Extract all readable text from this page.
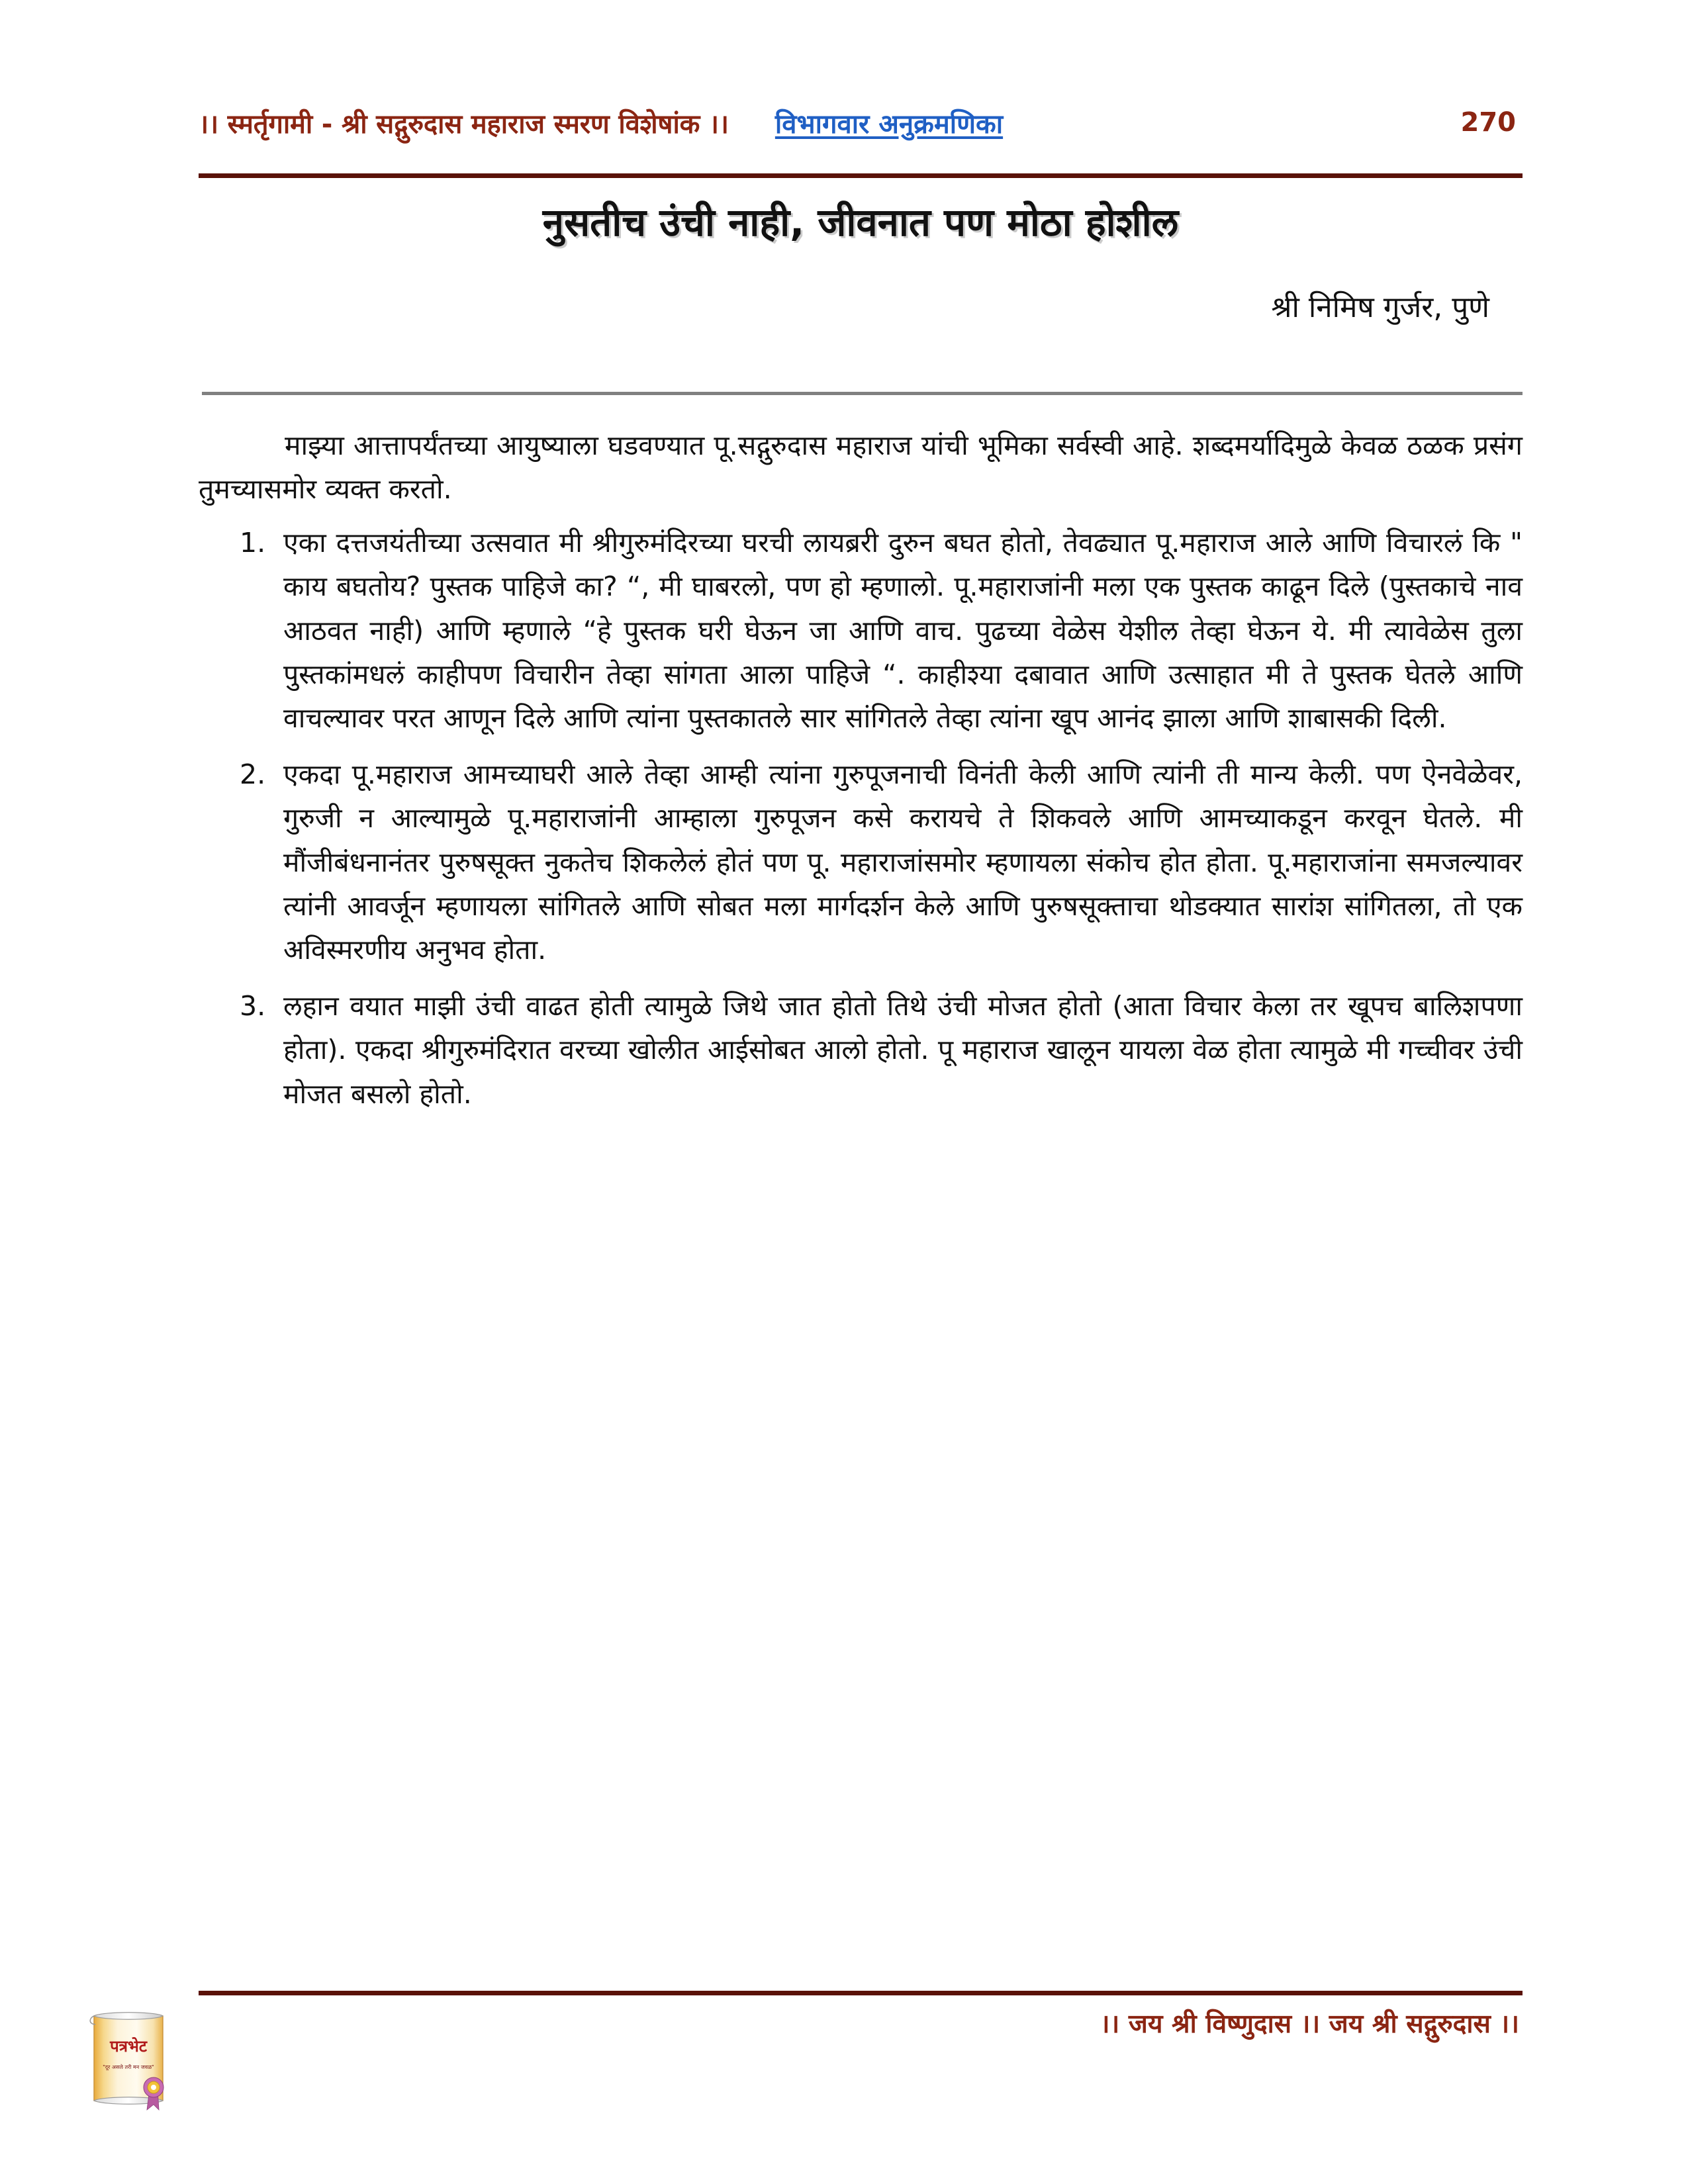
।। स्मर्तृगामी - श्री सद्गुरुदास महाराज स्मरण विशेषांक ।। विभागवार अनुक्रमणिका	270
नुसतीच उंची नाही, जीवनात पण मोठा होशील
श्री निमिष गुर्जर, पुणे

माझ्या आत्तापर्यंतच्या आयुष्याला घडवण्यात पू.सद्गुरुदास महाराज यांची भूमिका सर्वस्वी आहे. शब्दमर्यादिमुळे केवळ ठळक प्रसंग तुमच्यासमोर व्यक्त करतो.

1. एका दत्तजयंतीच्या उत्सवात मी श्रीगुरुमंदिरच्या घरची लायब्ररी दुरुन बघत होतो, तेवढ्यात पू.महाराज आले आणि विचारलं कि " काय बघतोय? पुस्तक पाहिजे का? “, मी घाबरलो, पण हो म्हणालो. पू.महाराजांनी मला एक पुस्तक काढून दिले (पुस्तकाचे नाव आठवत नाही) आणि म्हणाले “हे पुस्तक घरी घेऊन जा आणि वाच. पुढच्या वेळेस येशील तेव्हा घेऊन ये. मी त्यावेळेस तुला पुस्तकांमधलं काहीपण विचारीन तेव्हा सांगता आला पाहिजे “. काहीश्या दबावात आणि उत्साहात मी ते पुस्तक घेतले आणि वाचल्यावर परत आणून दिले आणि त्यांना पुस्तकातले सार सांगितले तेव्हा त्यांना खूप आनंद झाला आणि शाबासकी दिली.
2. एकदा पू.महाराज आमच्याघरी आले तेव्हा आम्ही त्यांना गुरुपूजनाची विनंती केली आणि त्यांनी ती मान्य केली. पण ऐनवेळेवर, गुरुजी न आल्यामुळे पू.महाराजांनी आम्हाला गुरुपूजन कसे करायचे ते शिकवले आणि आमच्याकडून करवून घेतले. मी मौंजीबंधनानंतर पुरुषसूक्त नुकतेच शिकलेलं होतं पण पू. महाराजांसमोर म्हणायला संकोच होत होता. पू.महाराजांना समजल्यावर त्यांनी आवर्जून म्हणायला सांगितले आणि सोबत मला मार्गदर्शन केले आणि पुरुषसूक्ताचा थोडक्यात सारांश सांगितला, तो एक अविस्मरणीय अनुभव होता.
3. लहान वयात माझी उंची वाढत होती त्यामुळे जिथे जात होतो तिथे उंची मोजत होतो (आता विचार केला तर खूपच बालिशपणा होता). एकदा श्रीगुरुमंदिरात वरच्या खोलीत आईसोबत आलो होतो. पू महाराज खालून यायला वेळ होता त्यामुळे मी गच्चीवर उंची मोजत बसलो होतो.
।। जय श्री विष्णुदास ।। जय श्री सद्गुरुदास ।।
पत्रभेट
"दूर असले तरी मन जवळ"
